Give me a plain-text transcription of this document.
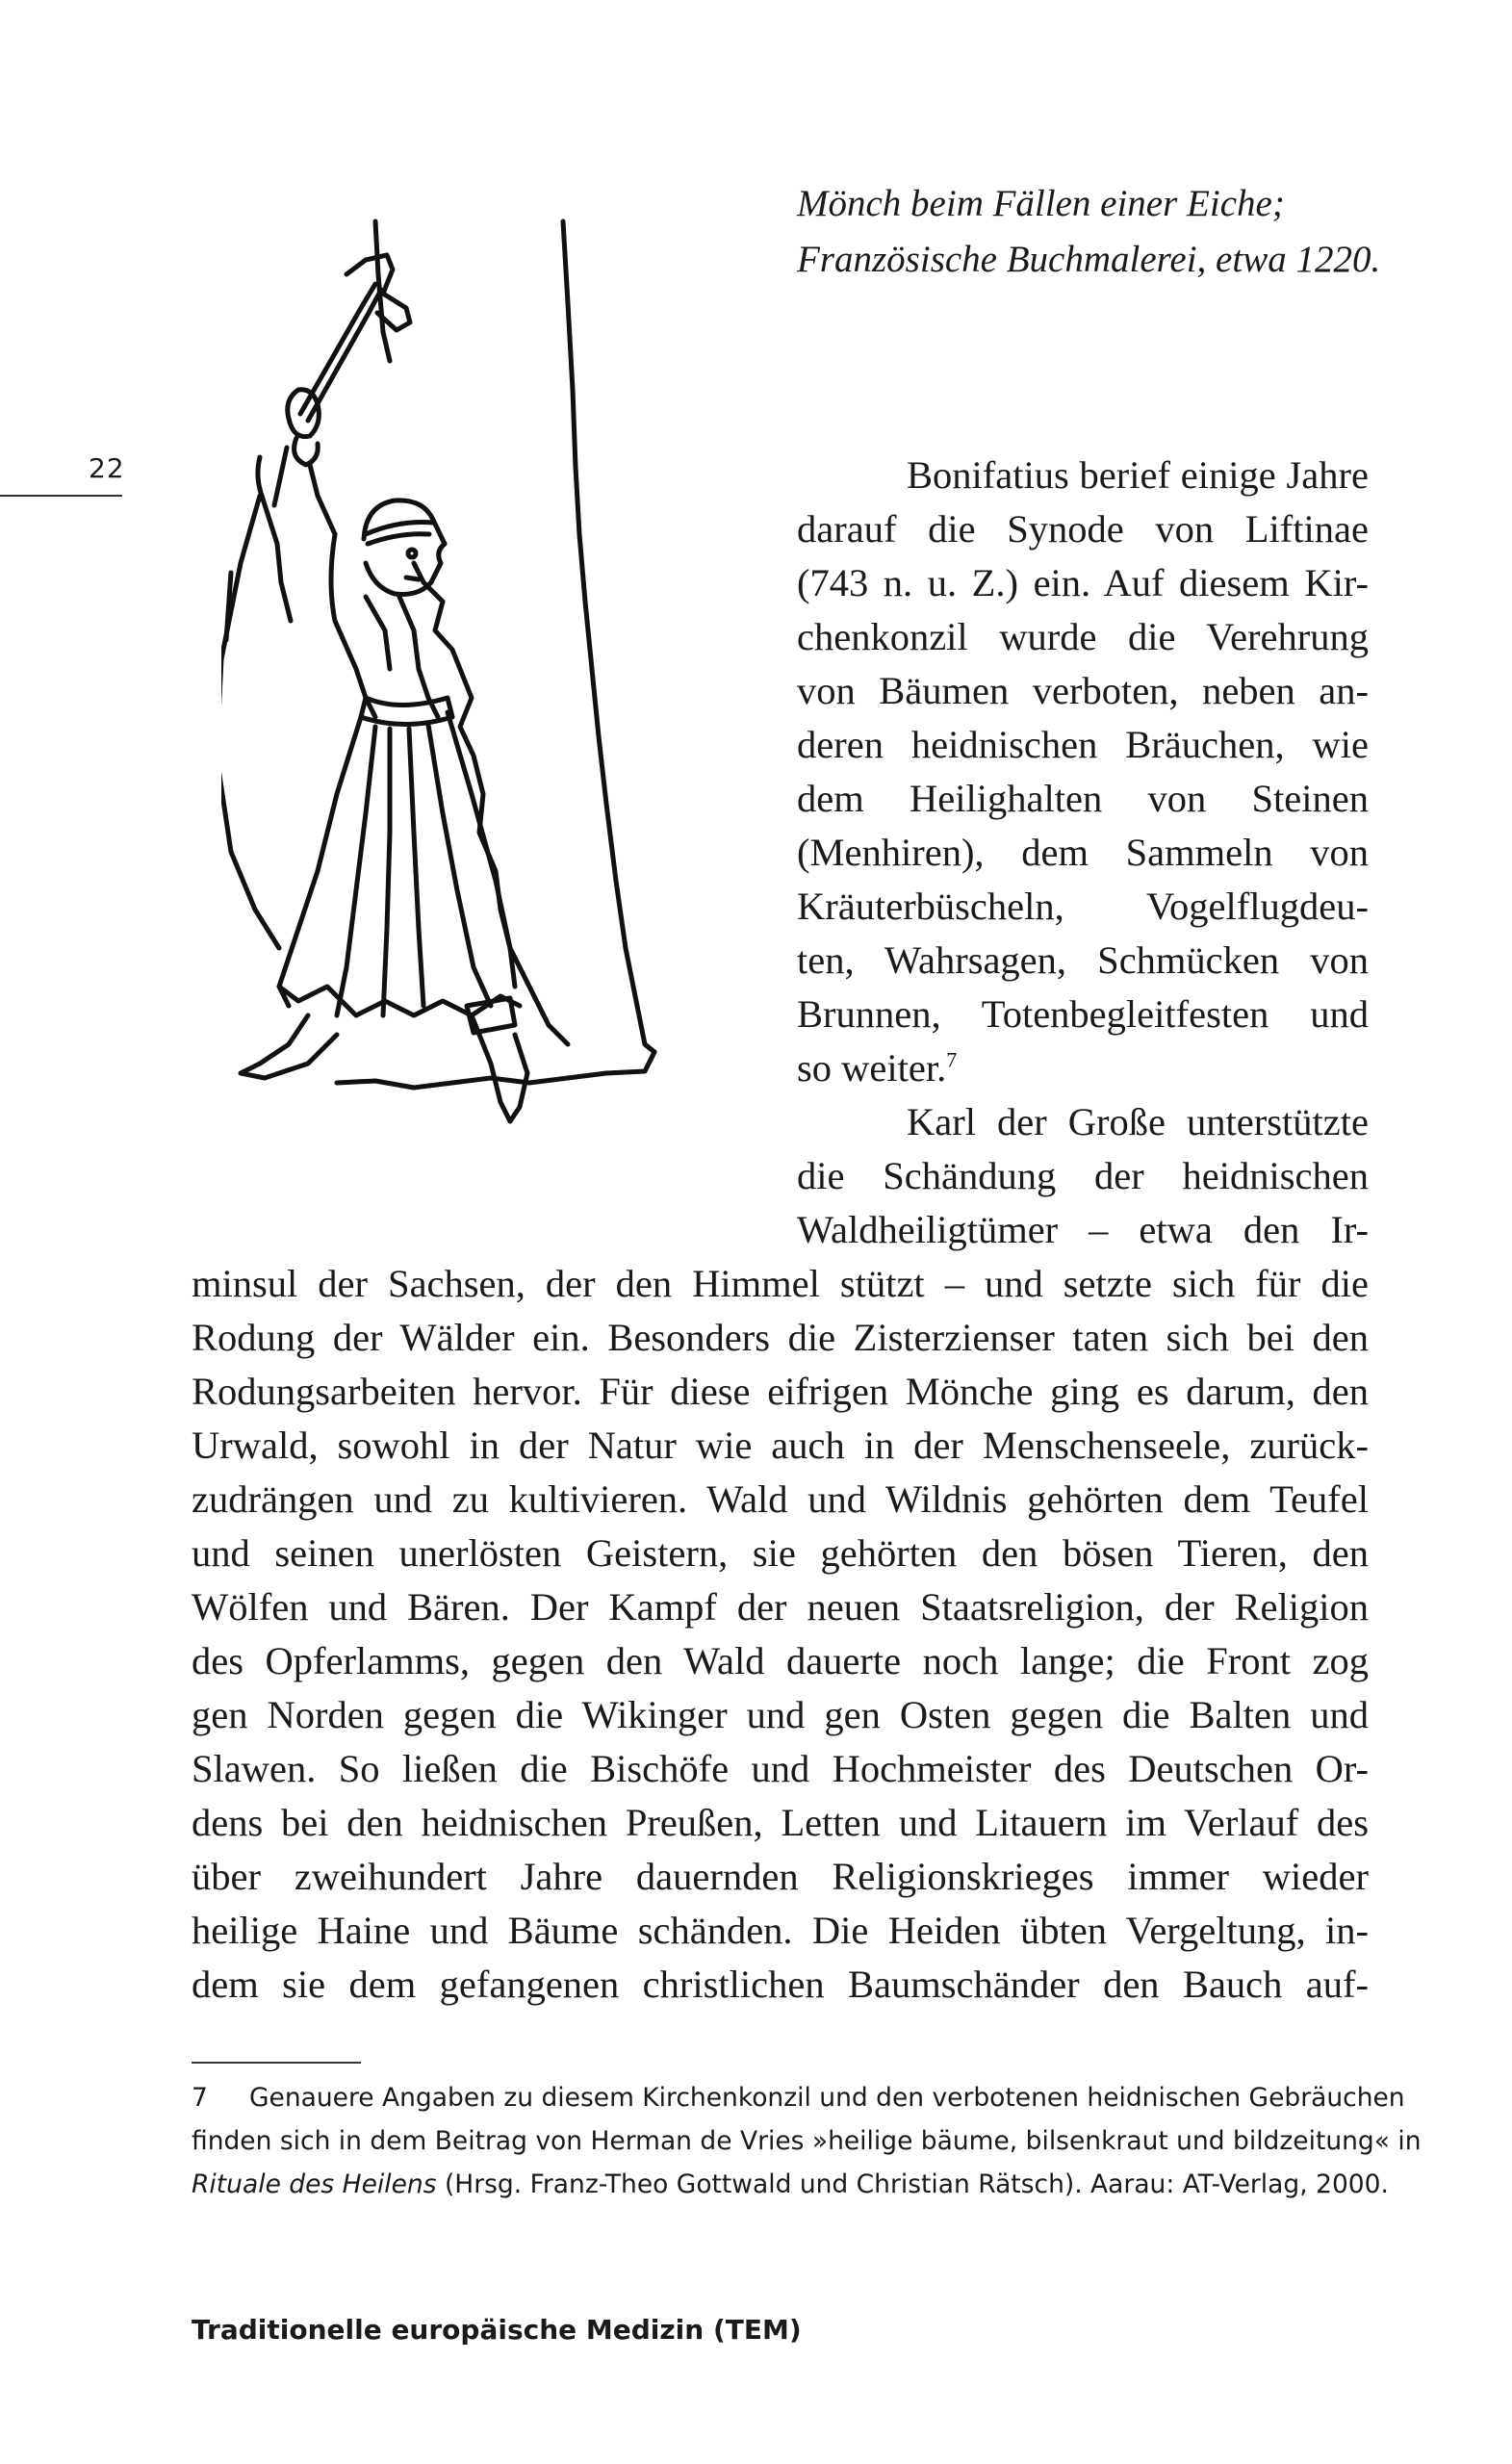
22
Mönch beim Fällen einer Eiche;
Französische Buchmalerei, etwa 1220.
Bonifatius berief einige Jahre
darauf die Synode von Liftinae
(743 n. u. Z.) ein. Auf diesem Kir-
chenkonzil wurde die Verehrung
von Bäumen verboten, neben an-
deren heidnischen Bräuchen, wie
dem Heilighalten von Steinen
(Menhiren), dem Sammeln von
Kräuterbüscheln, Vogelflugdeu-
ten, Wahrsagen, Schmücken von
Brunnen, Totenbegleitfesten und
so weiter.$^7$
Karl der Große unterstützte
die Schändung der heidnischen
Waldheiligtümer – etwa den Ir-
minsul der Sachsen, der den Himmel stützt – und setzte sich für die
Rodung der Wälder ein. Besonders die Zisterzienser taten sich bei den
Rodungsarbeiten hervor. Für diese eifrigen Mönche ging es darum, den
Urwald, sowohl in der Natur wie auch in der Menschenseele, zurück-
zudrängen und zu kultivieren. Wald und Wildnis gehörten dem Teufel
und seinen unerlösten Geistern, sie gehörten den bösen Tieren, den
Wölfen und Bären. Der Kampf der neuen Staatsreligion, der Religion
des Opferlamms, gegen den Wald dauerte noch lange; die Front zog
gen Norden gegen die Wikinger und gen Osten gegen die Balten und
Slawen. So ließen die Bischöfe und Hochmeister des Deutschen Or-
dens bei den heidnischen Preußen, Letten und Litauern im Verlauf des
über zweihundert Jahre dauernden Religionskrieges immer wieder
heilige Haine und Bäume schänden. Die Heiden übten Vergeltung, in-
dem sie dem gefangenen christlichen Baumschänder den Bauch auf-
7 Genauere Angaben zu diesem Kirchenkonzil und den verbotenen heidnischen Gebräuchen
finden sich in dem Beitrag von Herman de Vries »heilige bäume, bilsenkraut und bildzeitung« in
Rituale des Heilens (Hrsg. Franz-Theo Gottwald und Christian Rätsch). Aarau: AT-Verlag, 2000.
Traditionelle europäische Medizin (TEM)
